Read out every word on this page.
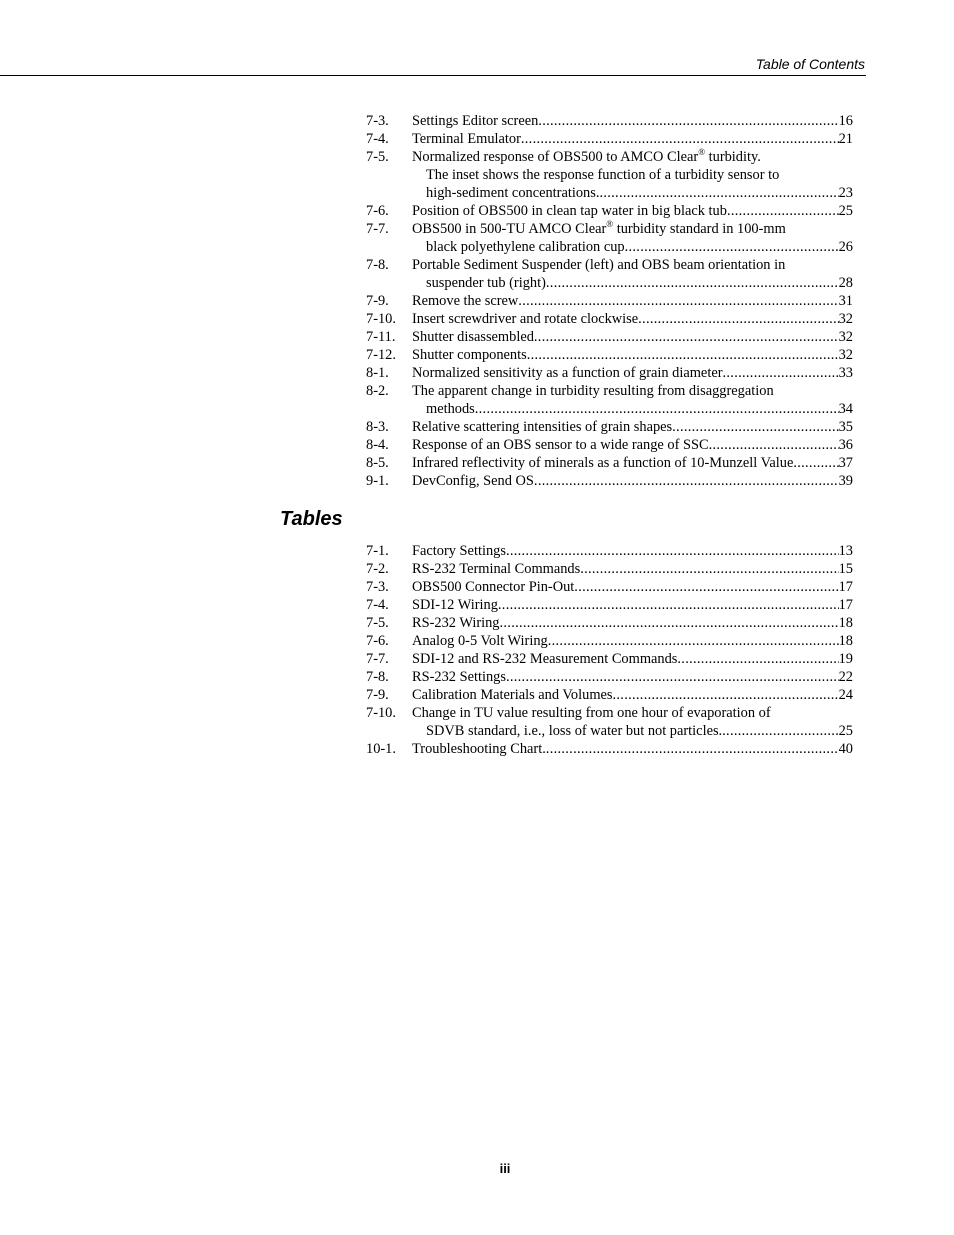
Table of Contents
7-3. Settings Editor screen .....	16
7-4. Terminal Emulator .....	21
7-5. Normalized response of OBS500 to AMCO Clear® turbidity.
The inset shows the response function of a turbidity sensor to
high-sediment concentrations. .....	23
7-6. Position of OBS500 in clean tap water in big black tub .....	25
7-7. OBS500 in 500-TU AMCO Clear® turbidity standard in 100-mm
black polyethylene calibration cup .....	26
7-8. Portable Sediment Suspender (left) and OBS beam orientation in
suspender tub (right) .....	28
7-9. Remove the screw .....	31
7-10. Insert screwdriver and rotate clockwise .....	32
7-11. Shutter disassembled .....	32
7-12. Shutter components .....	32
8-1. Normalized sensitivity as a function of grain diameter .....	33
8-2. The apparent change in turbidity resulting from disaggregation
methods .....	34
8-3. Relative scattering intensities of grain shapes .....	35
8-4. Response of an OBS sensor to a wide range of SSC .....	36
8-5. Infrared reflectivity of minerals as a function of 10-Munzell Value .....	37
9-1. DevConfig, Send OS .....	39
Tables
7-1. Factory Settings .....	13
7-2. RS-232 Terminal Commands .....	15
7-3. OBS500 Connector Pin-Out .....	17
7-4. SDI-12 Wiring .....	17
7-5. RS-232 Wiring .....	18
7-6. Analog 0-5 Volt Wiring .....	18
7-7. SDI-12 and RS-232 Measurement Commands .....	19
7-8. RS-232 Settings .....	22
7-9. Calibration Materials and Volumes .....	24
7-10. Change in TU value resulting from one hour of evaporation of
SDVB standard, i.e., loss of water but not particles. .....	25
10-1. Troubleshooting Chart. .....	40
iii
